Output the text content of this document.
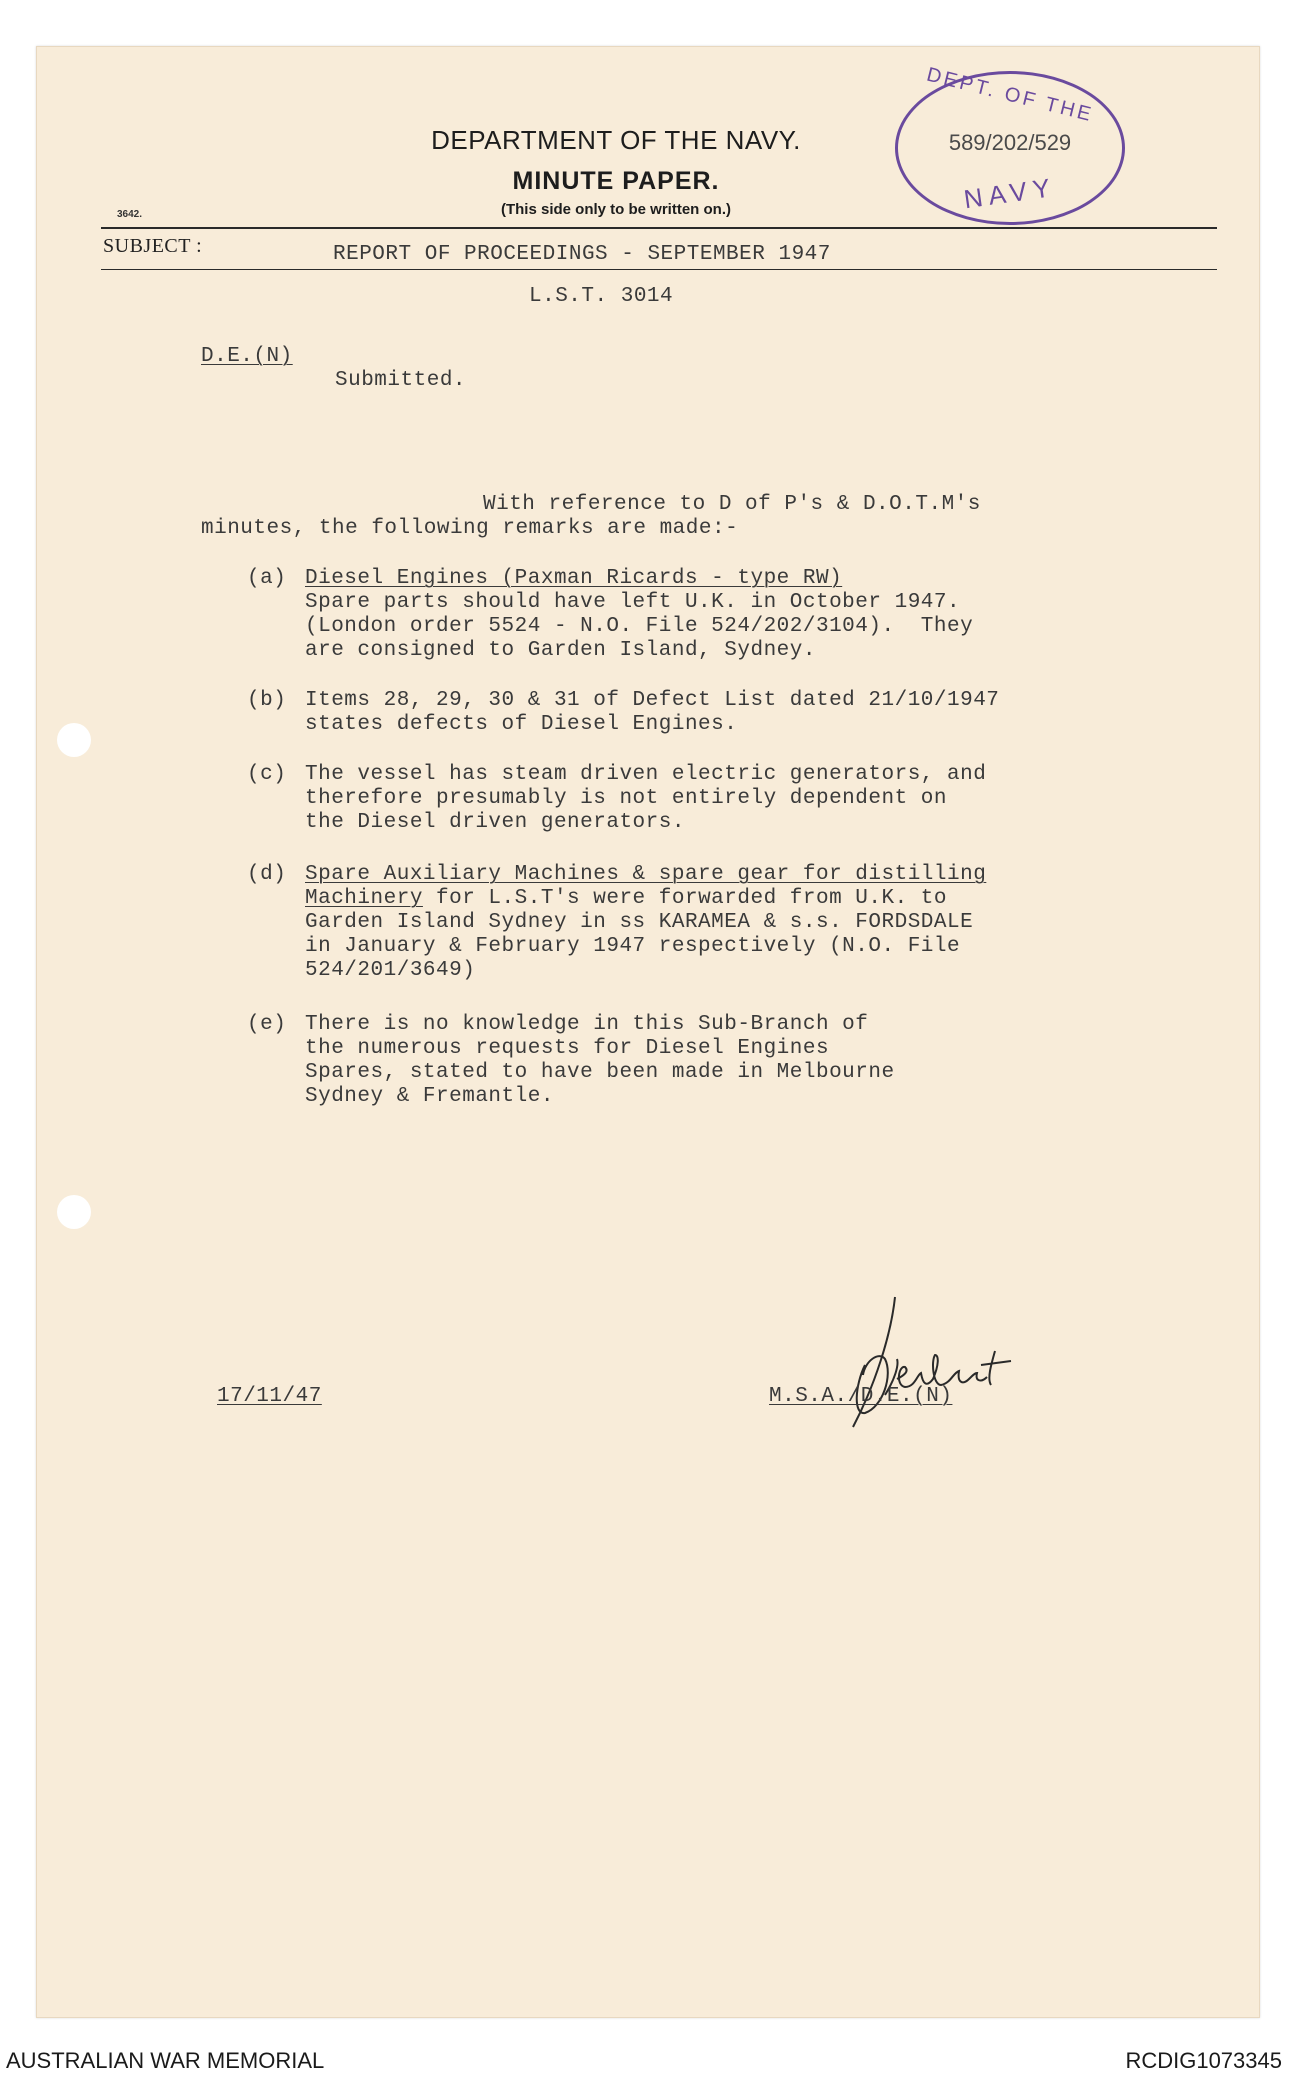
DEPARTMENT OF THE NAVY.
MINUTE PAPER.
(This side only to be written on.)
3642.
DEPT. OF THE
589/202/529
NAVY
SUBJECT :	REPORT OF PROCEEDINGS - SEPTEMBER 1947
L.S.T. 3014
D.E.(N)
Submitted.
With reference to D of P's & D.O.T.M's
minutes, the following remarks are made:-
(a) Diesel Engines (Paxman Ricards - type RW)
Spare parts should have left U.K. in October 1947.
(London order 5524 - N.O. File 524/202/3104).  They
are consigned to Garden Island, Sydney.
(b) Items 28, 29, 30 & 31 of Defect List dated 21/10/1947
states defects of Diesel Engines.
(c) The vessel has steam driven electric generators, and
therefore presumably is not entirely dependent on
the Diesel driven generators.
(d) Spare Auxiliary Machines & spare gear for distilling
Machinery for L.S.T's were forwarded from U.K. to
Garden Island Sydney in ss KARAMEA & s.s. FORDSDALE
in January & February 1947 respectively (N.O. File
524/201/3649)
(e) There is no knowledge in this Sub-Branch of
the numerous requests for Diesel Engines
Spares, stated to have been made in Melbourne
Sydney & Fremantle.
17/11/47	M.S.A./D.E.(N)
AUSTRALIAN WAR MEMORIAL	RCDIG1073345
